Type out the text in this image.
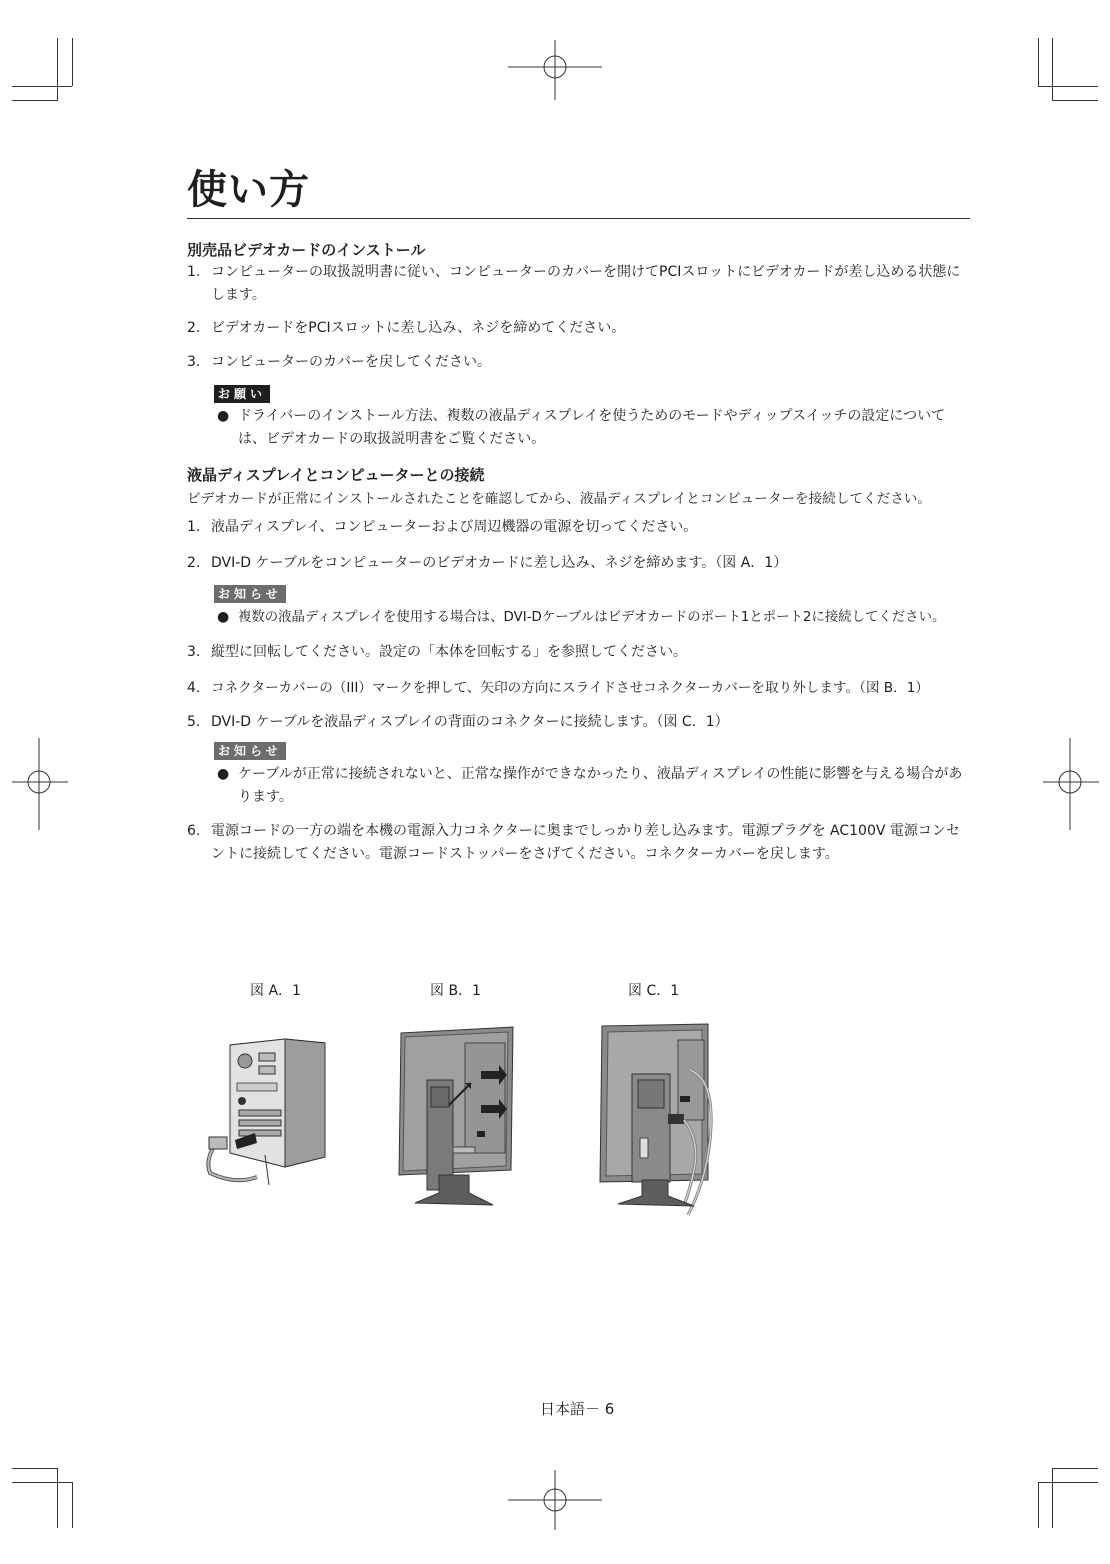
使い方
別売品ビデオカードのインストール
1. コンピューターの取扱説明書に従い、コンピューターのカバーを開けてPCIスロットにビデオカードが差し込める状態にします。
2. ビデオカードをPCIスロットに差し込み、ネジを締めてください。
3. コンピューターのカバーを戻してください。
お願い
● ドライバーのインストール方法、複数の液晶ディスプレイを使うためのモードやディップスイッチの設定については、ビデオカードの取扱説明書をご覧ください。
液晶ディスプレイとコンピューターとの接続
ビデオカードが正常にインストールされたことを確認してから、液晶ディスプレイとコンピューターを接続してください。
1. 液晶ディスプレイ、コンピューターおよび周辺機器の電源を切ってください。
2. DVI-D ケーブルをコンピューターのビデオカードに差し込み、ネジを締めます。（図 A．1）
お知らせ
● 複数の液晶ディスプレイを使用する場合は、DVI-Dケーブルはビデオカードのポート1とポート2に接続してください。
3. 縦型に回転してください。設定の「本体を回転する」を参照してください。
4. コネクターカバーの（III）マークを押して、矢印の方向にスライドさせコネクターカバーを取り外します。（図 B．1）
5. DVI-D ケーブルを液晶ディスプレイの背面のコネクターに接続します。（図 C．1）
お知らせ
● ケーブルが正常に接続されないと、正常な操作ができなかったり、液晶ディスプレイの性能に影響を与える場合があります。
6. 電源コードの一方の端を本機の電源入力コネクターに奥までしっかり差し込みます。電源プラグを AC100V 電源コンセントに接続してください。電源コードストッパーをさげてください。コネクターカバーを戻します。
図 A．1	図 B．1	図 C．1
日本語－ 6
